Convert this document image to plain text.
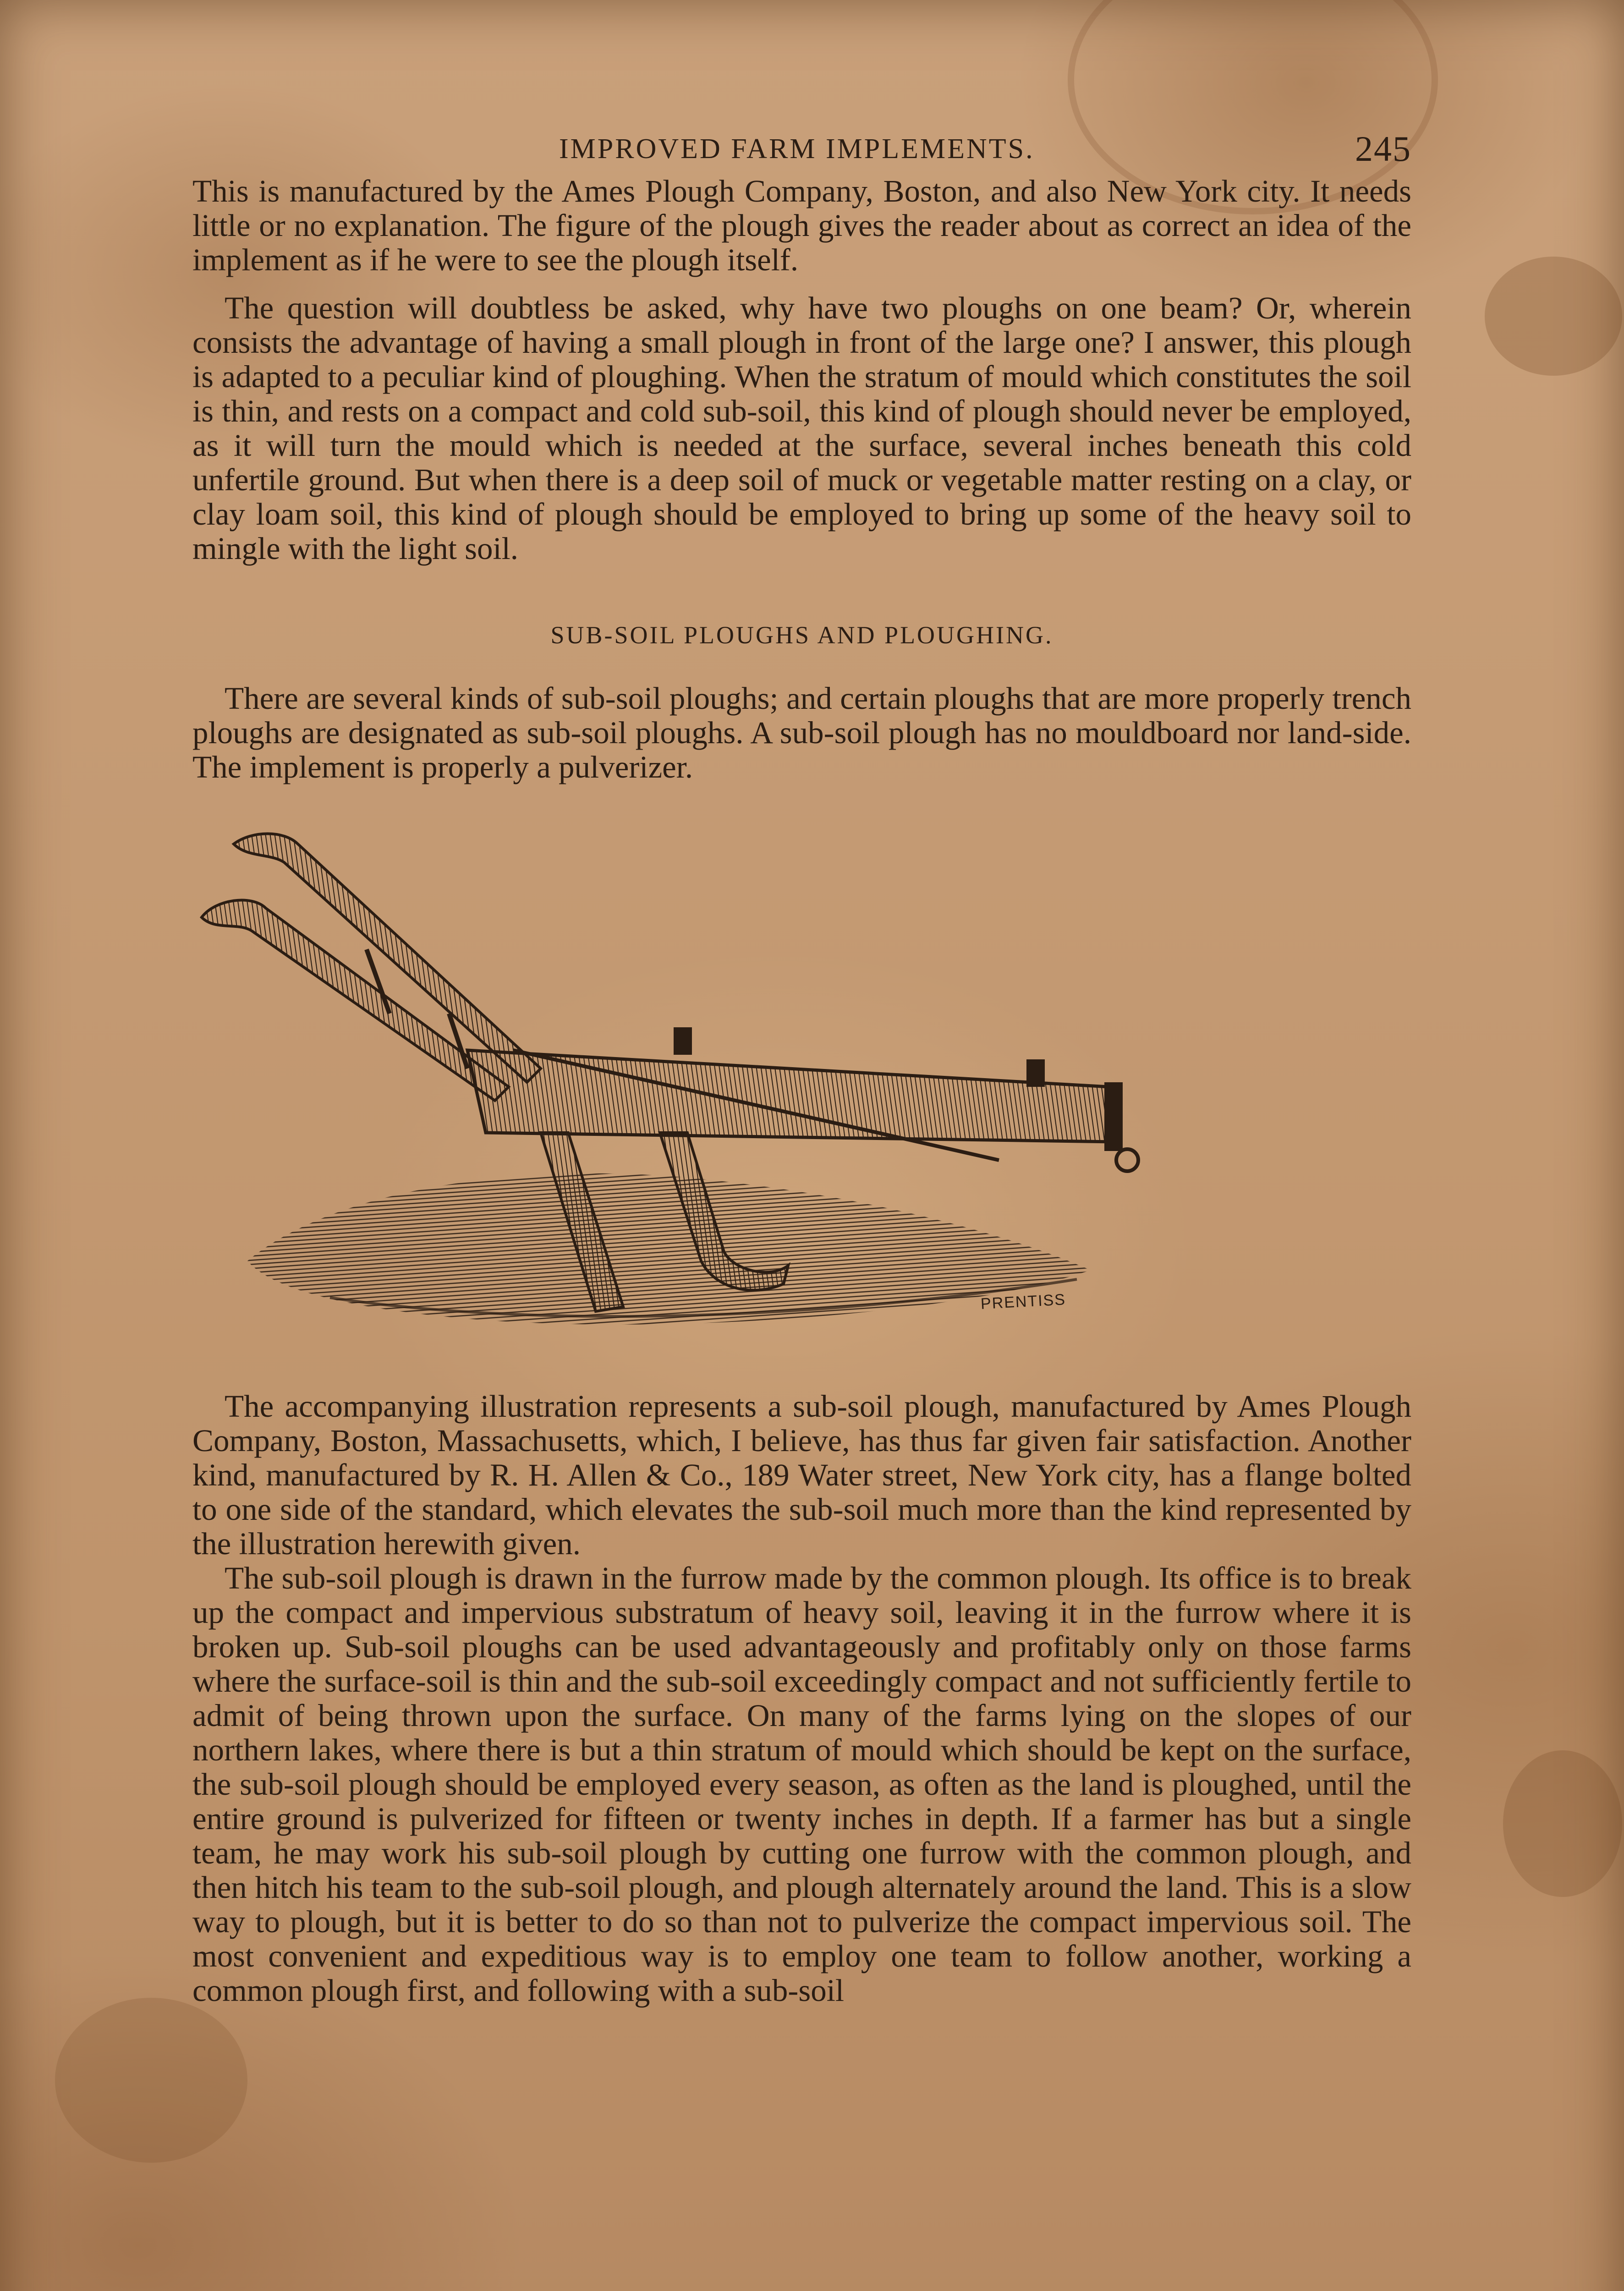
IMPROVED FARM IMPLEMENTS.	245

This is manufactured by the Ames Plough Company, Boston, and also New York city. It needs little or no explanation. The figure of the plough gives the reader about as correct an idea of the implement as if he were to see the plough itself.

The question will doubtless be asked, why have two ploughs on one beam? Or, wherein consists the advantage of having a small plough in front of the large one? I answer, this plough is adapted to a peculiar kind of ploughing. When the stratum of mould which constitutes the soil is thin, and rests on a compact and cold sub-soil, this kind of plough should never be employed, as it will turn the mould which is needed at the surface, several inches beneath this cold unfertile ground. But when there is a deep soil of muck or vegetable matter resting on a clay, or clay loam soil, this kind of plough should be employed to bring up some of the heavy soil to mingle with the light soil.

SUB-SOIL PLOUGHS AND PLOUGHING.

There are several kinds of sub-soil ploughs; and certain ploughs that are more properly trench ploughs are designated as sub-soil ploughs. A sub-soil plough has no mouldboard nor land-side. The implement is properly a pulverizer.

PRENTISS

The accompanying illustration represents a sub-soil plough, manufactured by Ames Plough Company, Boston, Massachusetts, which, I believe, has thus far given fair satisfaction. Another kind, manufactured by R. H. Allen & Co., 189 Water street, New York city, has a flange bolted to one side of the standard, which elevates the sub-soil much more than the kind represented by the illustration herewith given.

The sub-soil plough is drawn in the furrow made by the common plough. Its office is to break up the compact and impervious substratum of heavy soil, leaving it in the furrow where it is broken up. Sub-soil ploughs can be used advantageously and profitably only on those farms where the surface-soil is thin and the sub-soil exceedingly compact and not sufficiently fertile to admit of being thrown upon the surface. On many of the farms lying on the slopes of our northern lakes, where there is but a thin stratum of mould which should be kept on the surface, the sub-soil plough should be employed every season, as often as the land is ploughed, until the entire ground is pulverized for fifteen or twenty inches in depth. If a farmer has but a single team, he may work his sub-soil plough by cutting one furrow with the common plough, and then hitch his team to the sub-soil plough, and plough alternately around the land. This is a slow way to plough, but it is better to do so than not to pulverize the compact impervious soil. The most convenient and expeditious way is to employ one team to follow another, working a common plough first, and following with a sub-soil
